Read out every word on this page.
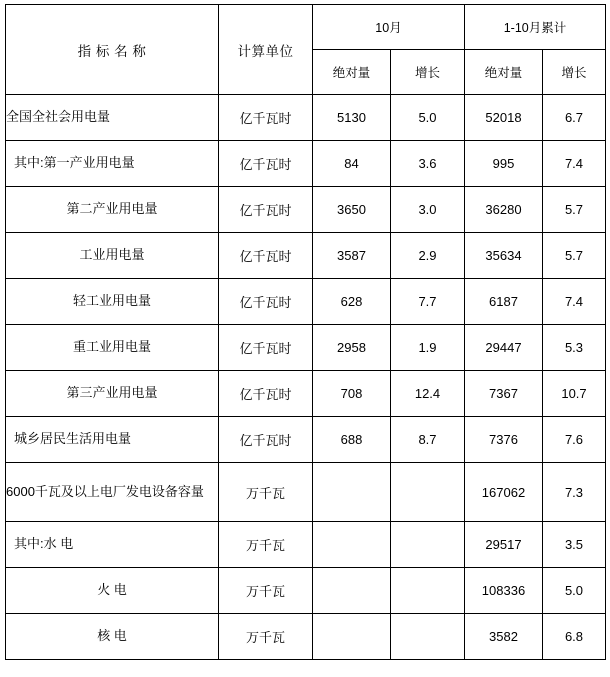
指 标 名 称	计算单位	10月		1-10月累计	
		绝对量	增长	绝对量	增长
全国全社会用电量	亿千瓦时	5130	5.0	52018	6.7
其中:第一产业用电量	亿千瓦时	84	3.6	995	7.4
第二产业用电量	亿千瓦时	3650	3.0	36280	5.7
工业用电量	亿千瓦时	3587	2.9	35634	5.7
轻工业用电量	亿千瓦时	628	7.7	6187	7.4
重工业用电量	亿千瓦时	2958	1.9	29447	5.3
第三产业用电量	亿千瓦时	708	12.4	7367	10.7
城乡居民生活用电量	亿千瓦时	688	8.7	7376	7.6
6000千瓦及以上电厂发电设备容量	万千瓦			167062	7.3
其中:水 电	万千瓦			29517	3.5
火 电	万千瓦			108336	5.0
核 电	万千瓦			3582	6.8
